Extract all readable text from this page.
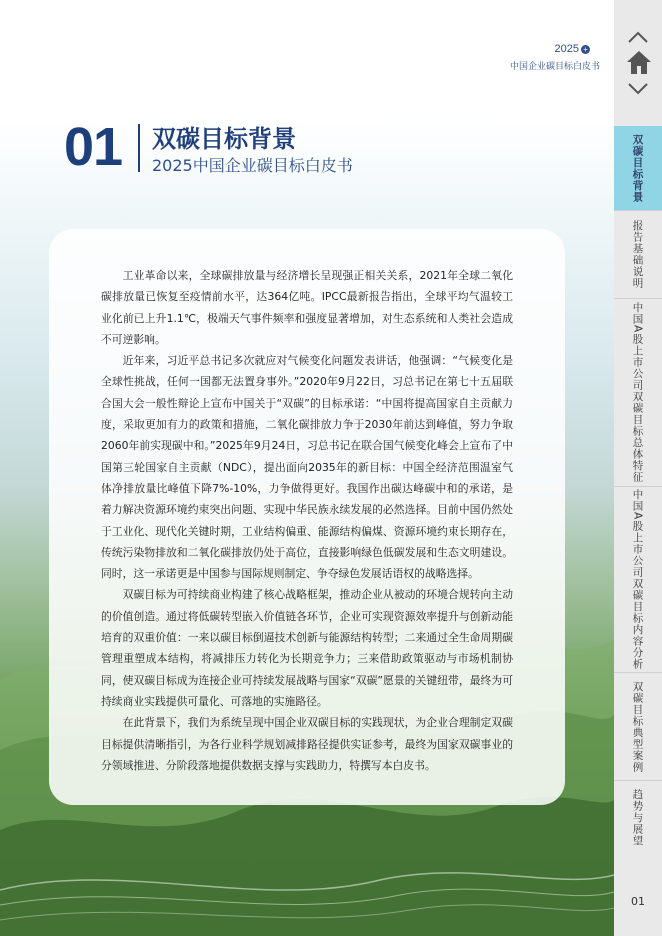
2025 +
中国企业碳目标白皮书
01 双碳目标背景
2025中国企业碳目标白皮书

工业革命以来，全球碳排放量与经济增长呈现强正相关关系，2021年全球二氧化碳排放量已恢复至疫情前水平，达364亿吨。IPCC最新报告指出，全球平均气温较工业化前已上升1.1℃，极端天气事件频率和强度显著增加，对生态系统和人类社会造成不可逆影响。

近年来，习近平总书记多次就应对气候变化问题发表讲话，他强调：“气候变化是全球性挑战，任何一国都无法置身事外。”2020年9月22日，习总书记在第七十五届联合国大会一般性辩论上宣布中国关于“双碳”的目标承诺：“中国将提高国家自主贡献力度，采取更加有力的政策和措施，二氧化碳排放力争于2030年前达到峰值，努力争取2060年前实现碳中和。”2025年9月24日，习总书记在联合国气候变化峰会上宣布了中国第三轮国家自主贡献（NDC），提出面向2035年的新目标：中国全经济范围温室气体净排放量比峰值下降7%-10%，力争做得更好。我国作出碳达峰碳中和的承诺，是着力解决资源环境约束突出问题、实现中华民族永续发展的必然选择。目前中国仍然处于工业化、现代化关键时期，工业结构偏重、能源结构偏煤、资源环境约束长期存在，传统污染物排放和二氧化碳排放仍处于高位，直接影响绿色低碳发展和生态文明建设。同时，这一承诺更是中国参与国际规则制定、争夺绿色发展话语权的战略选择。

双碳目标为可持续商业构建了核心战略框架，推动企业从被动的环境合规转向主动的价值创造。通过将低碳转型嵌入价值链各环节，企业可实现资源效率提升与创新动能培育的双重价值：一来以碳目标倒逼技术创新与能源结构转型；二来通过全生命周期碳管理重塑成本结构，将减排压力转化为长期竞争力；三来借助政策驱动与市场机制协同，使双碳目标成为连接企业可持续发展战略与国家“双碳”愿景的关键纽带，最终为可持续商业实践提供可量化、可落地的实施路径。

在此背景下，我们为系统呈现中国企业双碳目标的实践现状，为企业合理制定双碳目标提供清晰指引，为各行业科学规划减排路径提供实证参考，最终为国家双碳事业的分领域推进、分阶段落地提供数据支撑与实践助力，特撰写本白皮书。

双碳目标背景
报告基础说明
中国A股上市公司双碳目标总体特征
中国A股上市公司双碳目标内容分析
双碳目标典型案例
趋势与展望
01
